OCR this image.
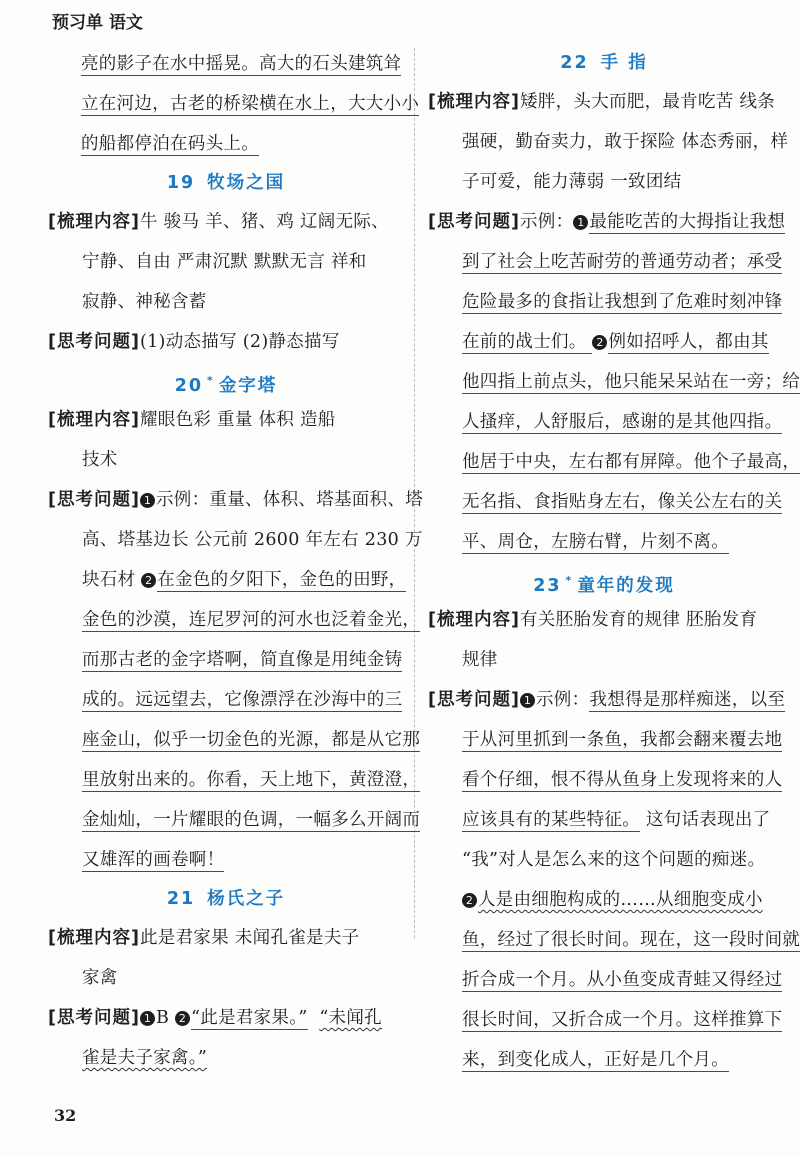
预习单 语文
亮的影子在水中摇晃。高大的石头建筑耸
立在河边，古老的桥梁横在水上，大大小小
的船都停泊在码头上。
19 牧场之国
[梳理内容]牛 骏马 羊、猪、鸡 辽阔无际、
宁静、自由 严肃沉默 默默无言 祥和
寂静、神秘含蓄
[思考问题](1)动态描写 (2)静态描写
20 * 金字塔
[梳理内容]耀眼色彩 重量 体积 造船
技术
[思考问题] 1 示例：重量、体积、塔基面积、塔
高、塔基边长 公元前 2600 年左右 230 万
块石材 2 在金色的夕阳下，金色的田野，
金色的沙漠，连尼罗河的河水也泛着金光，
而那古老的金字塔啊，简直像是用纯金铸
成的。远远望去，它像漂浮在沙海中的三
座金山，似乎一切金色的光源，都是从它那
里放射出来的。你看，天上地下，黄澄澄，
金灿灿，一片耀眼的色调，一幅多么开阔而
又雄浑的画卷啊！
21 杨氏之子
[梳理内容]此是君家果 未闻孔雀是夫子
家禽
[思考问题] 1 B 2 “此是君家果。” “未闻孔
雀是夫子家禽。”
22 手 指
[梳理内容]矮胖，头大而肥，最肯吃苦 线条
强硬，勤奋卖力，敢于探险 体态秀丽，样
子可爱，能力薄弱 一致团结
[思考问题]示例： 1 最能吃苦的大拇指让我想
到了社会上吃苦耐劳的普通劳动者；承受
危险最多的食指让我想到了危难时刻冲锋
在前的战士们。 2 例如招呼人，都由其
他四指上前点头，他只能呆呆站在一旁；给
人搔痒，人舒服后，感谢的是其他四指。
他居于中央，左右都有屏障。他个子最高，
无名指、食指贴身左右，像关公左右的关
平、周仓，左膀右臂，片刻不离。
23 * 童年的发现
[梳理内容]有关胚胎发育的规律 胚胎发育
规律
[思考问题] 1 示例：我想得是那样痴迷，以至
于从河里抓到一条鱼，我都会翻来覆去地
看个仔细，恨不得从鱼身上发现将来的人
应该具有的某些特征。 这句话表现出了
“我”对人是怎么来的这个问题的痴迷。
2 人是由细胞构成的……从细胞变成小
鱼，经过了很长时间。现在，这一段时间就
折合成一个月。从小鱼变成青蛙又得经过
很长时间，又折合成一个月。这样推算下
来，到变化成人，正好是几个月。
32
